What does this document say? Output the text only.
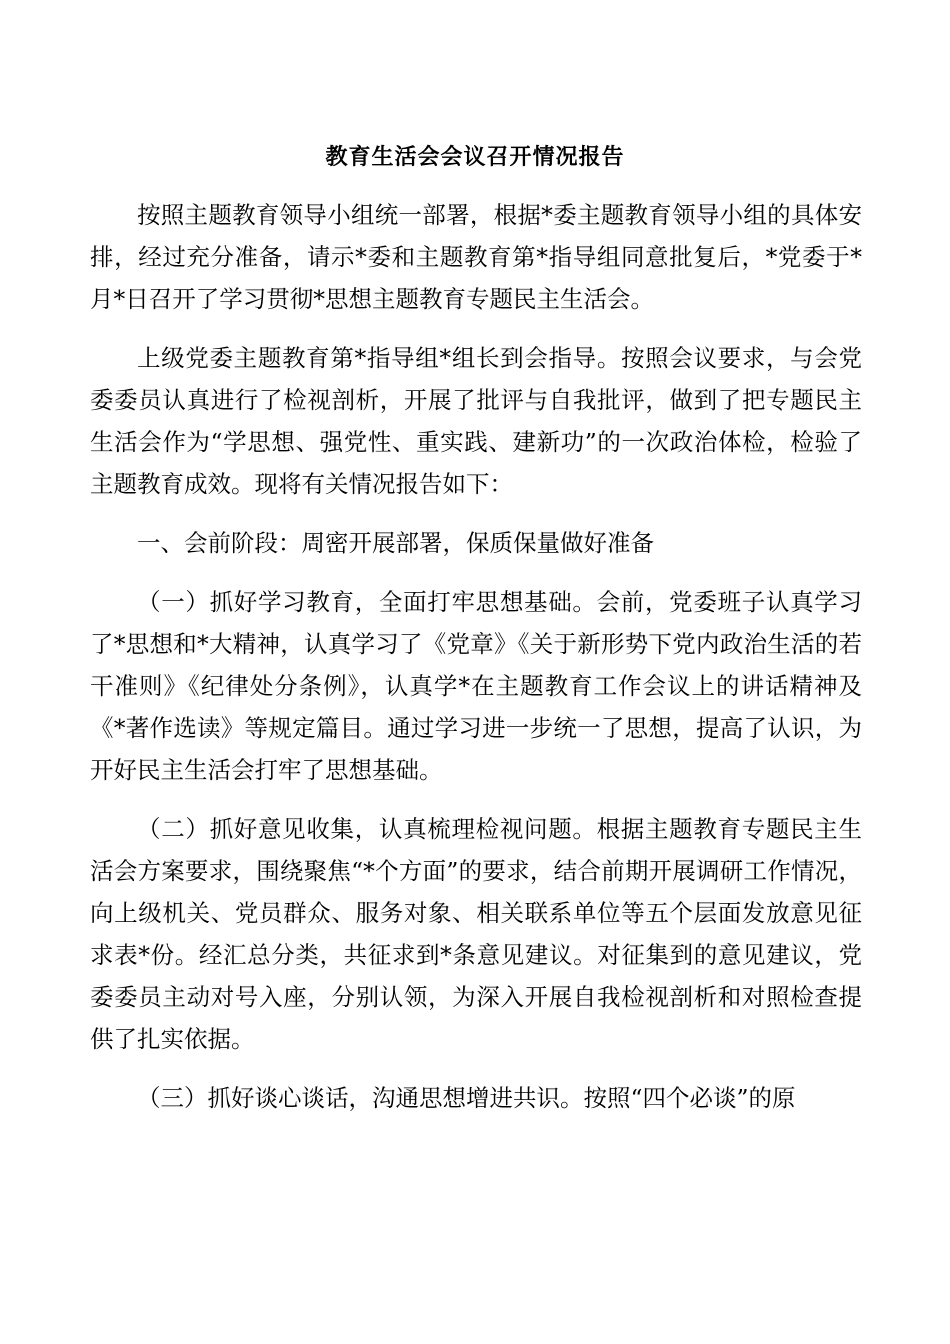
教育生活会会议召开情况报告

按照主题教育领导小组统一部署，根据*委主题教育领导小组的具体安排，经过充分准备，请示*委和主题教育第*指导组同意批复后，*党委于*月*日召开了学习贯彻*思想主题教育专题民主生活会。

上级党委主题教育第*指导组*组长到会指导。按照会议要求，与会党委委员认真进行了检视剖析，开展了批评与自我批评，做到了把专题民主生活会作为“学思想、强党性、重实践、建新功”的一次政治体检，检验了主题教育成效。现将有关情况报告如下：

一、会前阶段：周密开展部署，保质保量做好准备

（一）抓好学习教育，全面打牢思想基础。会前，党委班子认真学习了*思想和*大精神，认真学习了《党章》《关于新形势下党内政治生活的若干准则》《纪律处分条例》，认真学*在主题教育工作会议上的讲话精神及《*著作选读》等规定篇目。通过学习进一步统一了思想，提高了认识，为开好民主生活会打牢了思想基础。

（二）抓好意见收集，认真梳理检视问题。根据主题教育专题民主生活会方案要求，围绕聚焦“*个方面”的要求，结合前期开展调研工作情况，向上级机关、党员群众、服务对象、相关联系单位等五个层面发放意见征求表*份。经汇总分类，共征求到*条意见建议。对征集到的意见建议，党委委员主动对号入座，分别认领，为深入开展自我检视剖析和对照检查提供了扎实依据。

（三）抓好谈心谈话，沟通思想增进共识。按照“四个必谈”的原
